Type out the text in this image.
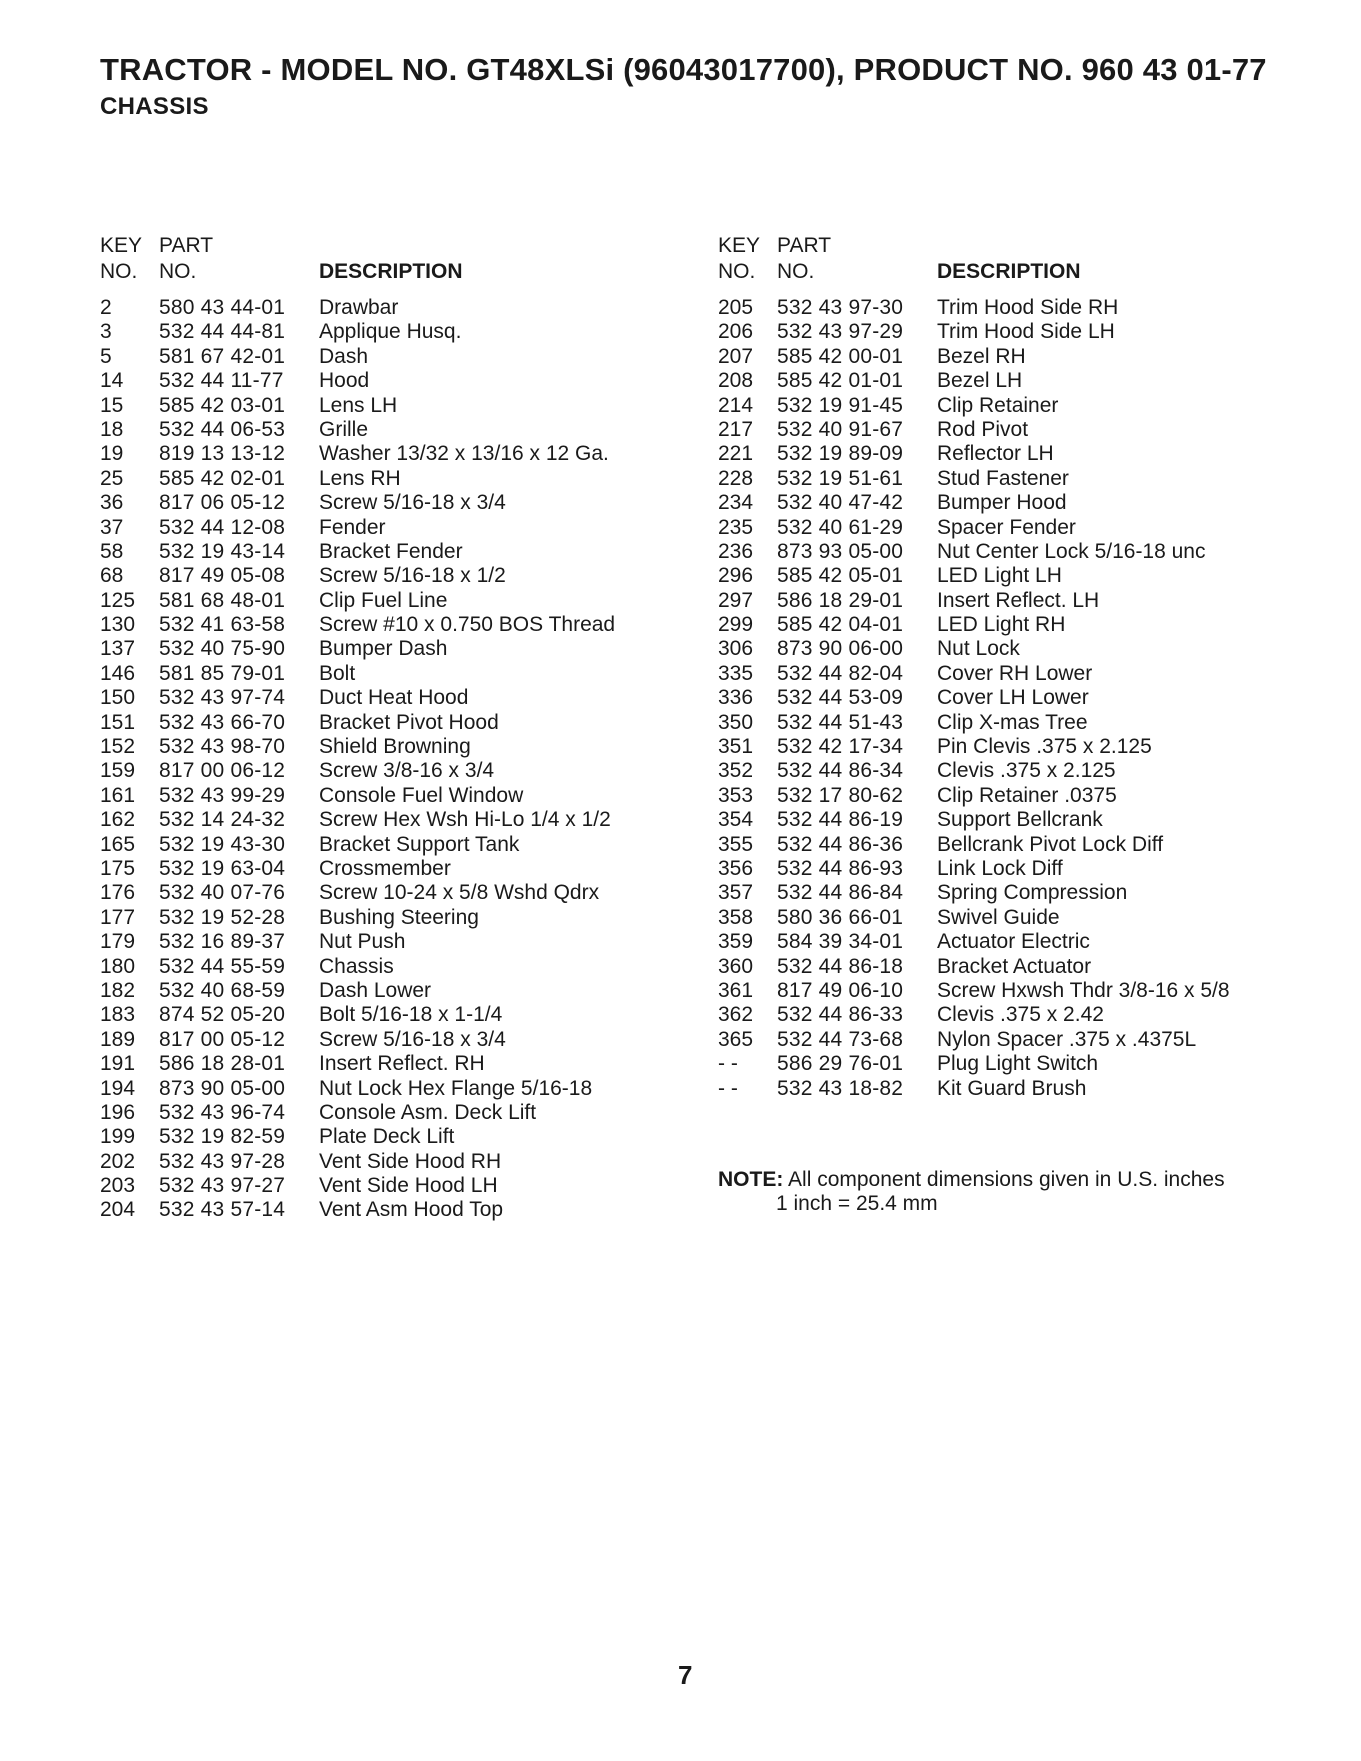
TRACTOR - MODEL NO. GT48XLSi (96043017700), PRODUCT NO. 960 43 01-77
CHASSIS
KEY
NO.
PART
NO.	DESCRIPTION
2 580 43 44-01 Drawbar
3 532 44 44-81 Applique Husq.
5 581 67 42-01 Dash
14 532 44 11-77 Hood
15 585 42 03-01 Lens LH
18 532 44 06-53 Grille
19 819 13 13-12 Washer 13/32 x 13/16 x 12 Ga.
25 585 42 02-01 Lens RH
36 817 06 05-12 Screw 5/16-18 x 3/4
37 532 44 12-08 Fender
58 532 19 43-14 Bracket Fender
68 817 49 05-08 Screw 5/16-18 x 1/2
125 581 68 48-01 Clip Fuel Line
130 532 41 63-58 Screw #10 x 0.750 BOS Thread
137 532 40 75-90 Bumper Dash
146 581 85 79-01 Bolt
150 532 43 97-74 Duct Heat Hood
151 532 43 66-70 Bracket Pivot Hood
152 532 43 98-70 Shield Browning
159 817 00 06-12 Screw 3/8-16 x 3/4
161 532 43 99-29 Console Fuel Window
162 532 14 24-32 Screw Hex Wsh Hi-Lo 1/4 x 1/2
165 532 19 43-30 Bracket Support Tank
175 532 19 63-04 Crossmember
176 532 40 07-76 Screw 10-24 x 5/8 Wshd Qdrx
177 532 19 52-28 Bushing Steering
179 532 16 89-37 Nut Push
180 532 44 55-59 Chassis
182 532 40 68-59 Dash Lower
183 874 52 05-20 Bolt 5/16-18 x 1-1/4
189 817 00 05-12 Screw 5/16-18 x 3/4
191 586 18 28-01 Insert Reflect. RH
194 873 90 05-00 Nut Lock Hex Flange 5/16-18
196 532 43 96-74 Console Asm. Deck Lift
199 532 19 82-59 Plate Deck Lift
202 532 43 97-28 Vent Side Hood RH
203 532 43 97-27 Vent Side Hood LH
204 532 43 57-14 Vent Asm Hood Top
KEY
NO.
PART
NO.	DESCRIPTION
205 532 43 97-30 Trim Hood Side RH
206 532 43 97-29 Trim Hood Side LH
207 585 42 00-01 Bezel RH
208 585 42 01-01 Bezel LH
214 532 19 91-45 Clip Retainer
217 532 40 91-67 Rod Pivot
221 532 19 89-09 Reflector LH
228 532 19 51-61 Stud Fastener
234 532 40 47-42 Bumper Hood
235 532 40 61-29 Spacer Fender
236 873 93 05-00 Nut Center Lock 5/16-18 unc
296 585 42 05-01 LED Light LH
297 586 18 29-01 Insert Reflect. LH
299 585 42 04-01 LED Light RH
306 873 90 06-00 Nut Lock
335 532 44 82-04 Cover RH Lower
336 532 44 53-09 Cover LH Lower
350 532 44 51-43 Clip X-mas Tree
351 532 42 17-34 Pin Clevis .375 x 2.125
352 532 44 86-34 Clevis .375 x 2.125
353 532 17 80-62 Clip Retainer .0375
354 532 44 86-19 Support Bellcrank
355 532 44 86-36 Bellcrank Pivot Lock Diff
356 532 44 86-93 Link Lock Diff
357 532 44 86-84 Spring Compression
358 580 36 66-01 Swivel Guide
359 584 39 34-01 Actuator Electric
360 532 44 86-18 Bracket Actuator
361 817 49 06-10 Screw Hxwsh Thdr 3/8-16 x 5/8
362 532 44 86-33 Clevis .375 x 2.42
365 532 44 73-68 Nylon Spacer .375 x .4375L
- - 586 29 76-01 Plug Light Switch
- - 532 43 18-82 Kit Guard Brush
NOTE: All component dimensions given in U.S. inches
1 inch = 25.4 mm
7
